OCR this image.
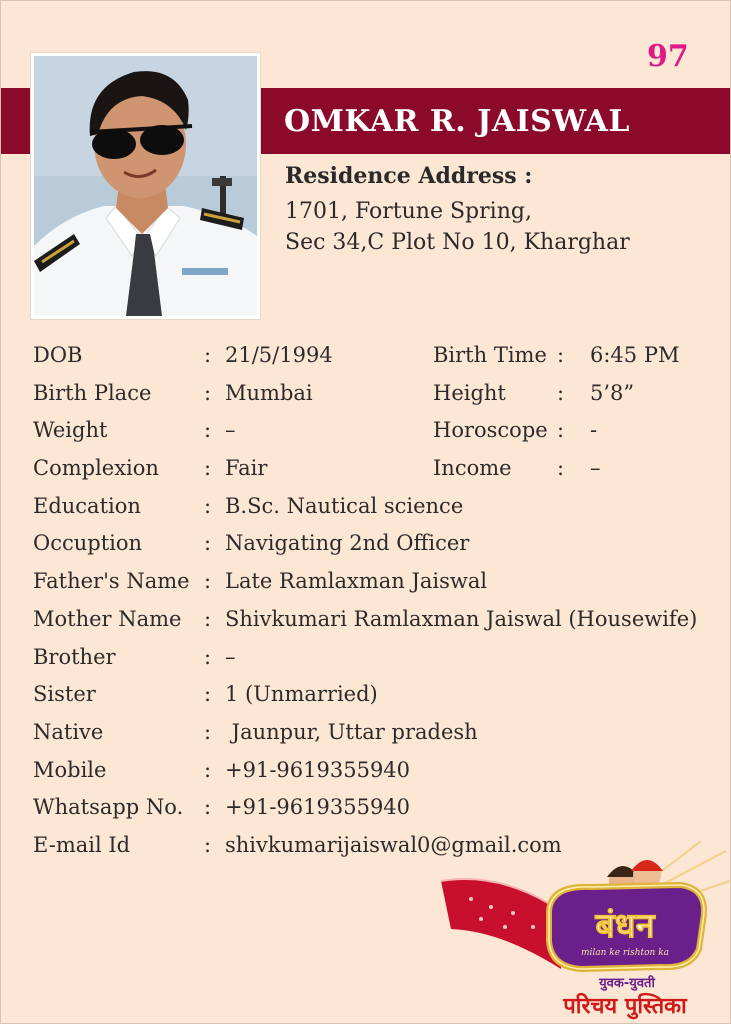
97
OMKAR R. JAISWAL
Residence Address :
1701, Fortune Spring,
Sec 34,C Plot No 10, Kharghar
DOB	: 21/5/1994	Birth Time : 6:45 PM
Birth Place	: Mumbai	Height : 5’8”
Weight	: –	Horoscope : -
Complexion : Fair	Income : –
Education	: B.Sc. Nautical science
Occuption	: Navigating 2nd Officer
Father's Name : Late Ramlaxman Jaiswal
Mother Name : Shivkumari Ramlaxman Jaiswal (Housewife)
Brother	: –
Sister	: 1 (Unmarried)
Native	: Jaunpur, Uttar pradesh
Mobile	: +91-9619355940
Whatsapp No. : +91-9619355940
E-mail Id	: shivkumarijaiswal0@gmail.com
बंधन
milan ke rishton ka
युवक-युवती
परिचय पुस्तिका
